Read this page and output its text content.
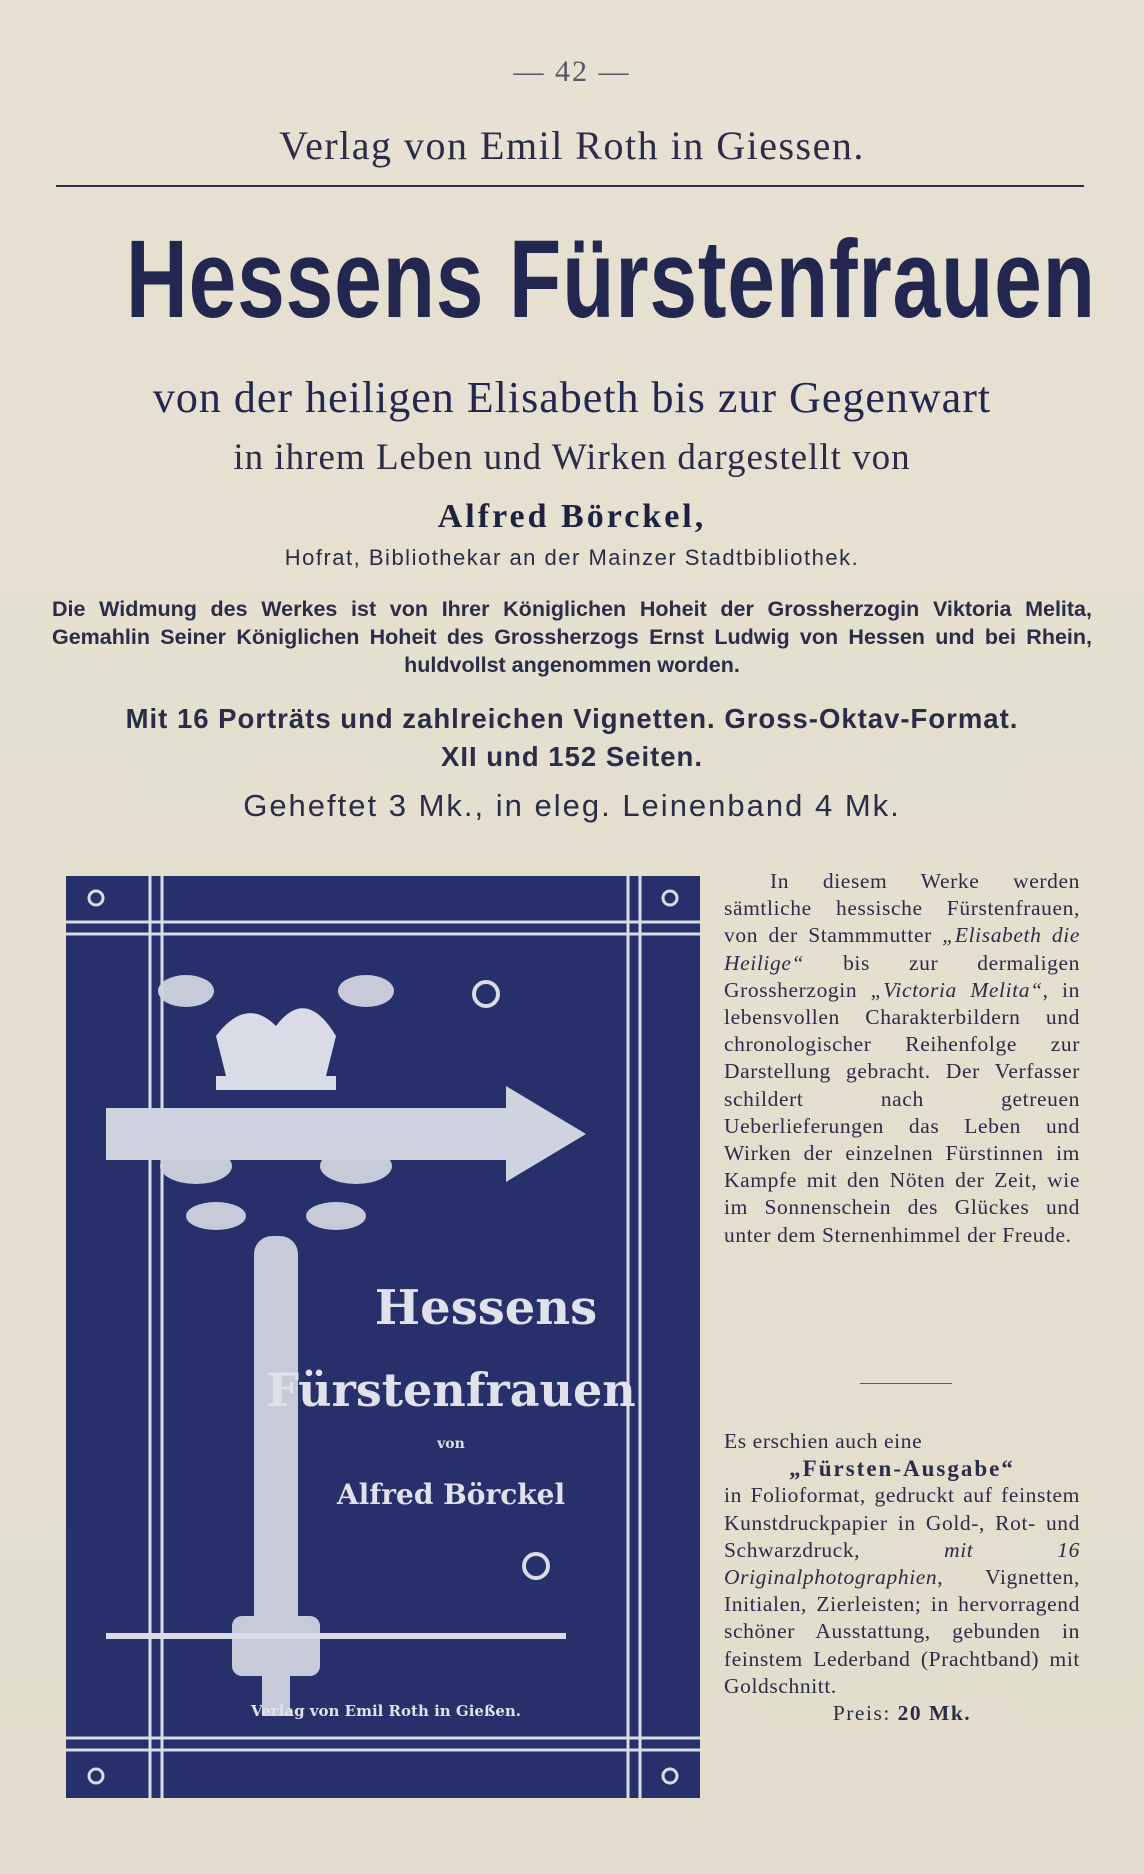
— 42 —
Verlag von Emil Roth in Giessen.
Hessens Fürstenfrauen
von der heiligen Elisabeth bis zur Gegenwart
in ihrem Leben und Wirken dargestellt von
Alfred Börckel,
Hofrat, Bibliothekar an der Mainzer Stadtbibliothek.
Die Widmung des Werkes ist von Ihrer Königlichen Hoheit der Grossherzogin Viktoria Melita, Gemahlin Seiner Königlichen Hoheit des Grossherzogs Ernst Ludwig von Hessen und bei Rhein, huldvollst angenommen worden.
Mit 16 Porträts und zahlreichen Vignetten. Gross-Oktav-Format.
XII und 152 Seiten.
Geheftet 3 Mk., in eleg. Leinenband 4 Mk.
Hessens
Fürstenfrauen
von
Alfred Börckel
Verlag von Emil Roth in Gießen.

In diesem Werke werden sämtliche hessische Fürstenfrauen, von der Stammmutter „Elisabeth die Heilige“ bis zur dermaligen Grossherzogin „Victoria Melita“, in lebensvollen Charakterbildern und chronologischer Reihenfolge zur Darstellung gebracht. Der Verfasser schildert nach getreuen Ueberlieferungen das Leben und Wirken der einzelnen Fürstinnen im Kampfe mit den Nöten der Zeit, wie im Sonnenschein des Glückes und unter dem Sternenhimmel der Freude.

Es erschien auch eine

„Fürsten-Ausgabe“

in Folioformat, gedruckt auf feinstem Kunstdruckpapier in Gold-, Rot- und Schwarzdruck,	mit 16 Originalphotographien, Vignetten, Initialen, Zierleisten; in hervorragend schöner Ausstattung, gebunden in feinstem Lederband (Prachtband) mit Goldschnitt.

Preis: 20 Mk.
